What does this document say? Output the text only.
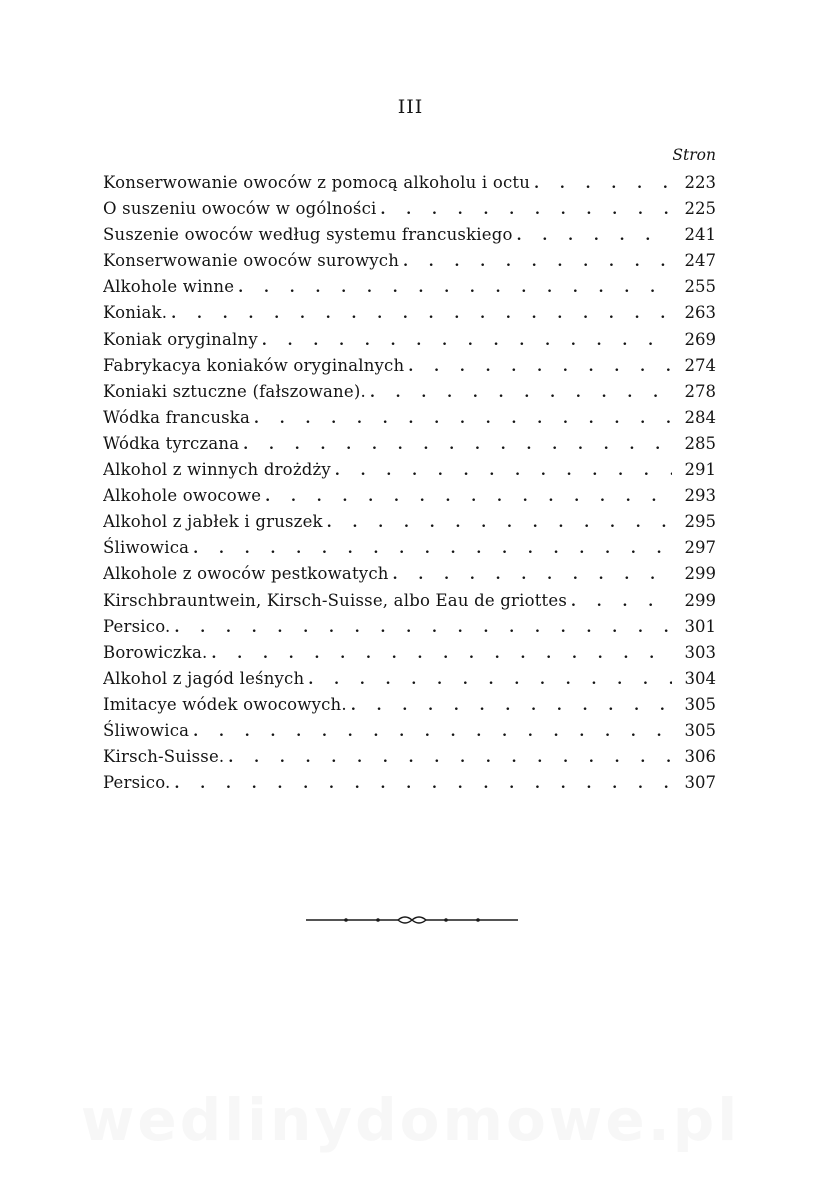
III
Stron
Konserwowanie owoców z pomocą alkoholu i octu . . .	223
O suszeniu owoców w ogólności . . .	225
Suszenie owoców według systemu francuskiego . . .	241
Konserwowanie owoców surowych . . .	247
Alkohole winne . . .	255
Koniak. . . .	263
Koniak oryginalny . . .	269
Fabrykacya koniaków oryginalnych . . .	274
Koniaki sztuczne (fałszowane). . . .	278
Wódka francuska . . .	284
Wódka tyrczana . . .	285
Alkohol z winnych drożdży . . .	291
Alkohole owocowe . . .	293
Alkohol z jabłek i gruszek . . .	295
Śliwowica . . .	297
Alkohole z owoców pestkowatych . . .	299
Kirschbrauntwein, Kirsch-Suisse, albo Eau de griottes . . .	299
Persico. . . .	301
Borowiczka. . . .	303
Alkohol z jagód leśnych . . .	304
Imitacye wódek owocowych. . . .	305
Śliwowica . . .	305
Kirsch-Suisse. . . .	306
Persico. . . .	307
wedlinydomowe.pl
